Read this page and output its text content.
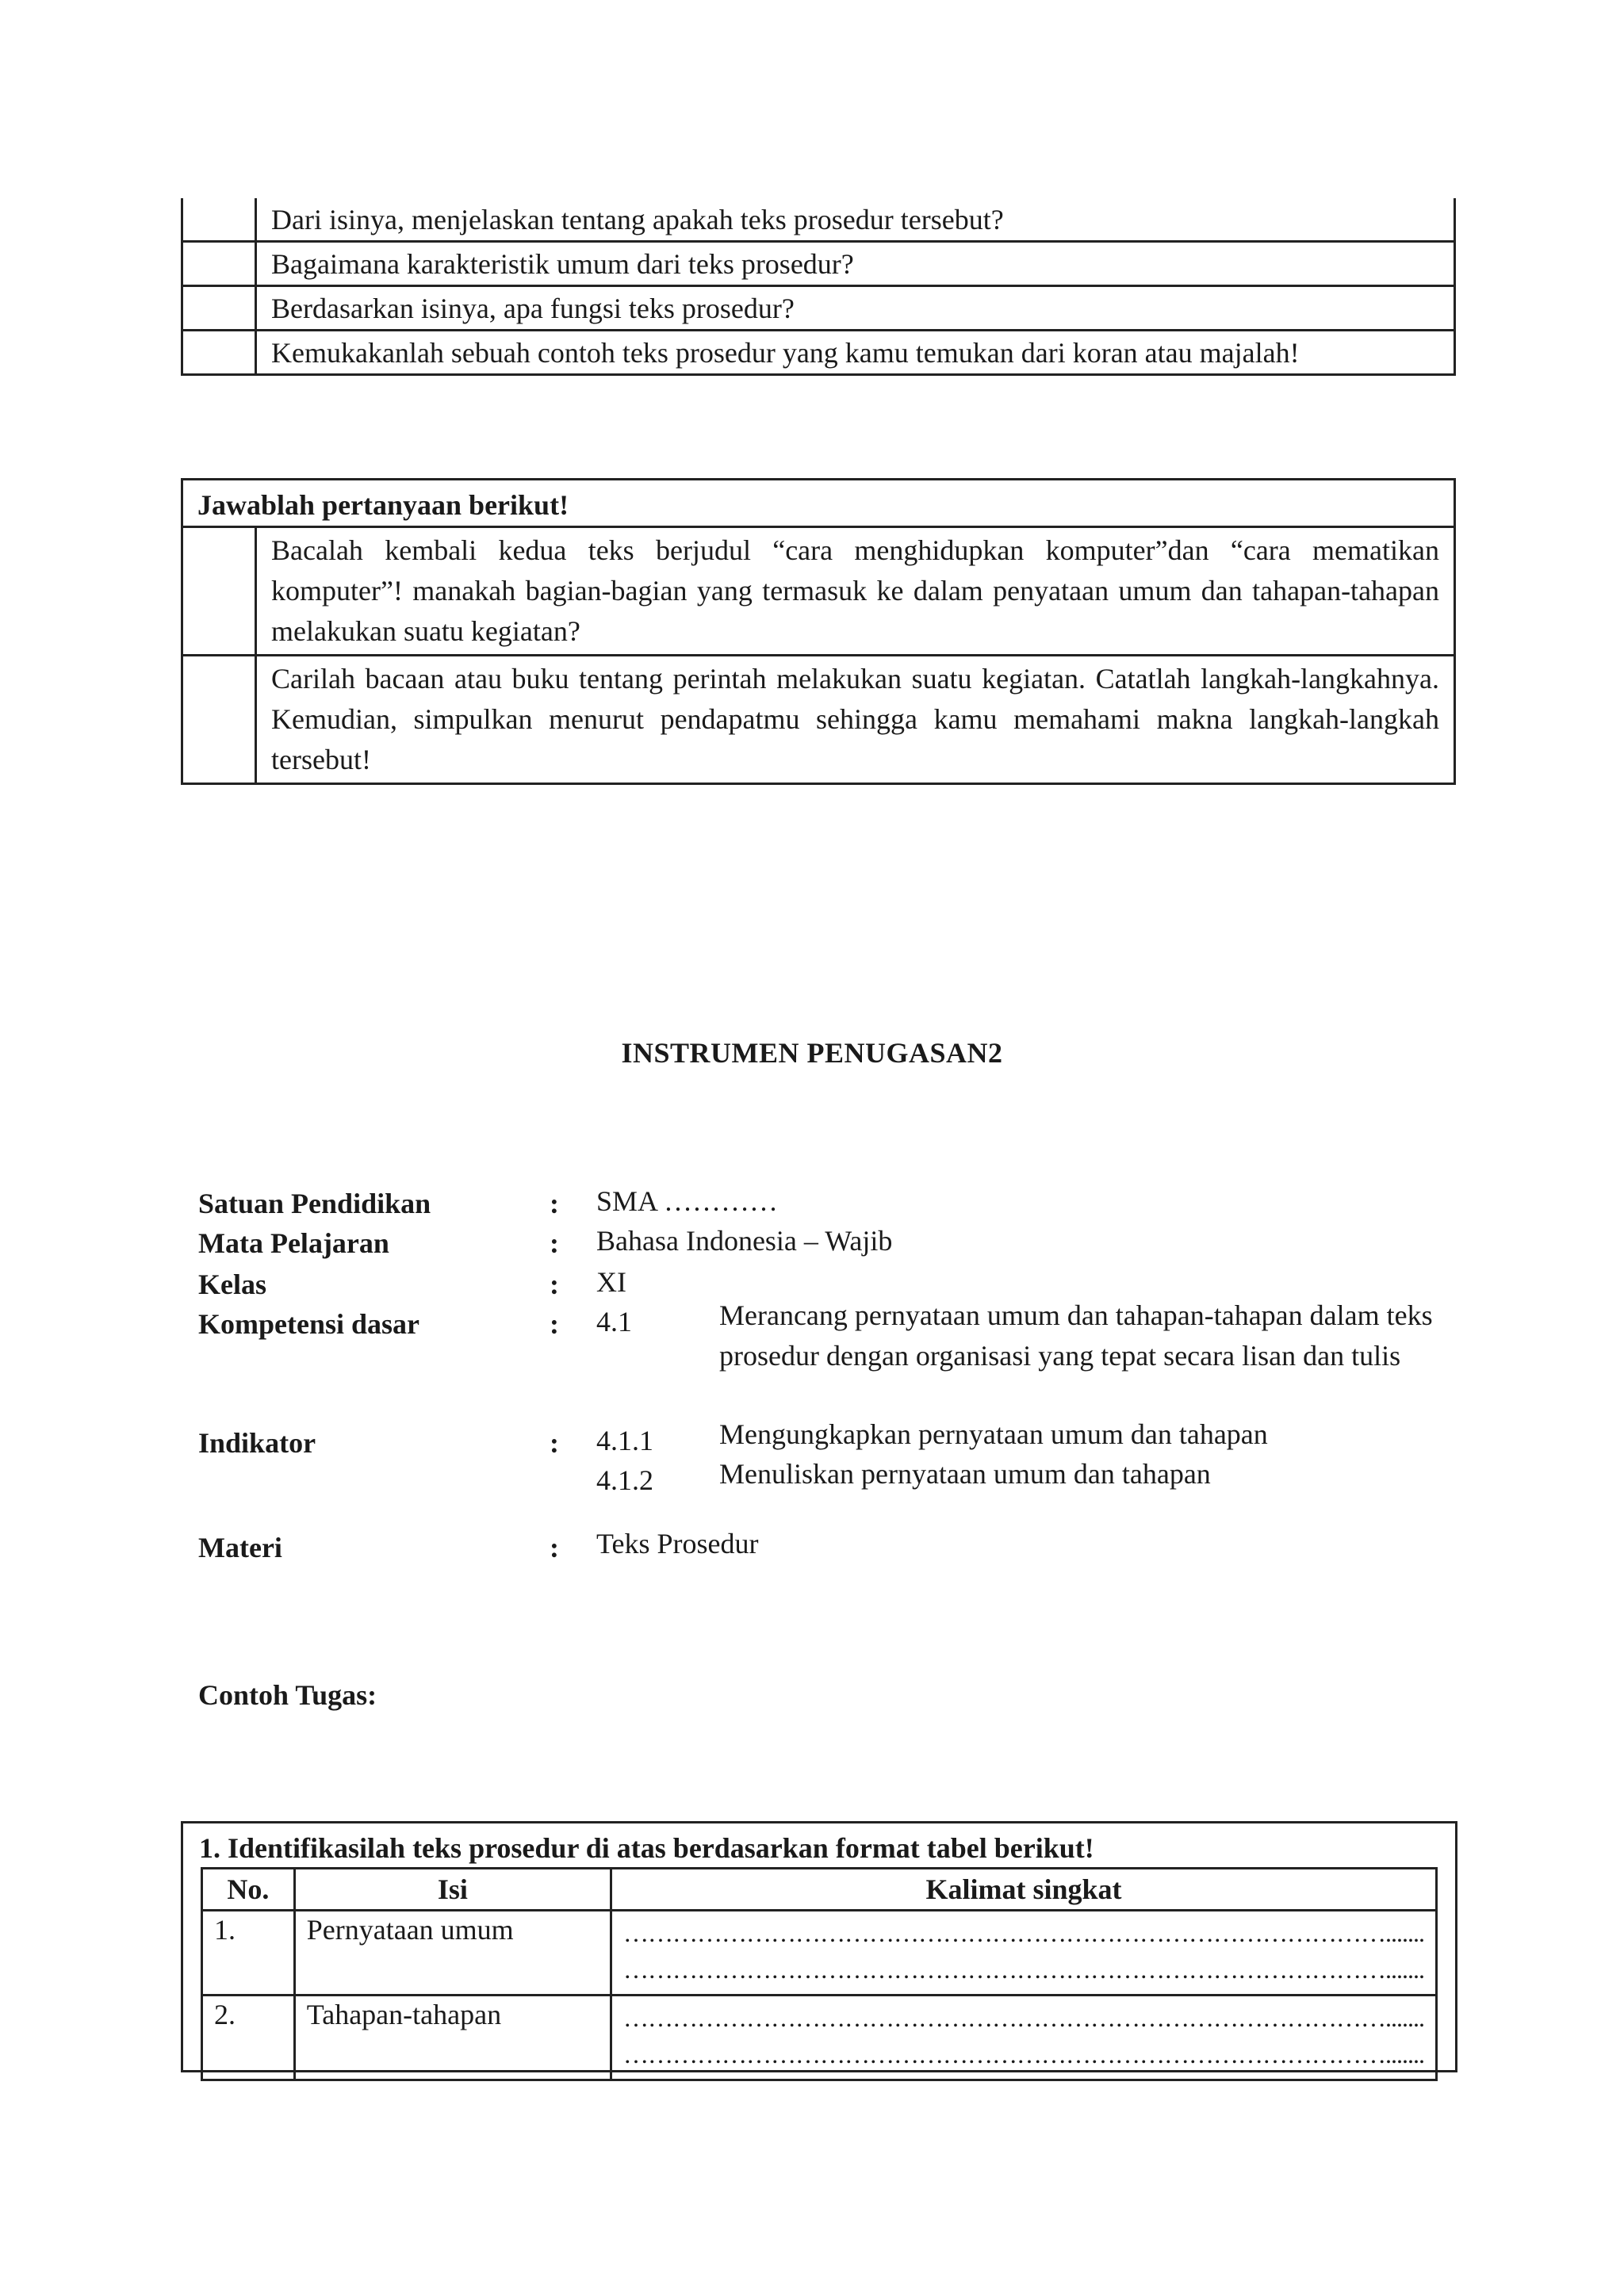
	Dari isinya, menjelaskan tentang apakah teks prosedur tersebut?
	Bagaimana karakteristik umum dari teks prosedur?
	Berdasarkan isinya, apa fungsi teks prosedur?
	Kemukakanlah sebuah contoh teks prosedur yang kamu temukan dari koran atau majalah!
Jawablah pertanyaan berikut!	
	Bacalah kembali kedua teks berjudul “cara menghidupkan komputer”dan “cara mematikan komputer”! manakah bagian-bagian yang termasuk ke dalam penyataan umum dan tahapan-tahapan melakukan suatu kegiatan?
	Carilah bacaan atau buku tentang perintah melakukan suatu kegiatan. Catatlah langkah-langkahnya. Kemudian, simpulkan menurut pendapatmu sehingga kamu memahami makna langkah-langkah tersebut!
INSTRUMEN PENUGASAN2
Satuan Pendidikan	: SMA …………
Mata Pelajaran	: Bahasa Indonesia – Wajib
Kelas	: XI
Kompetensi dasar	: 4.1	Merancang pernyataan umum dan tahapan-tahapan dalam teks prosedur dengan organisasi yang tepat secara lisan dan tulis
Indikator	: 4.1.1 Mengungkapkan pernyataan umum dan tahapan
4.1.2 Menuliskan pernyataan umum dan tahapan
Materi	: Teks Prosedur
Contoh Tugas:
1. Identifikasilah teks prosedur di atas berdasarkan format tabel berikut!
No.	Isi	Kalimat singkat
1.	Pernyataan umum	………………………………………………………………………………….......
………………………………………………………………………………….......

2.	Tahapan-tahapan	………………………………………………………………………………….......
………………………………………………………………………………….......
